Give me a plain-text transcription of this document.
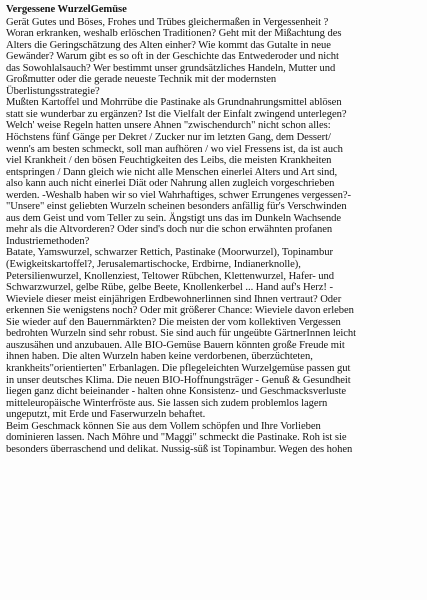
Vergessene WurzelGemüse
Gerät Gutes und Böses, Frohes und Trübes gleichermaßen in Vergessenheit ?
Woran erkranken, weshalb erlöschen Traditionen? Geht mit der Mißachtung des
Alters die Geringschätzung des Alten einher? Wie kommt das Gutalte in neue
Gewänder? Warum gibt es so oft in der Geschichte das Entwederoder und nicht
das Sowohlalsauch? Wer bestimmt unser grundsätzliches Handeln, Mutter und
Großmutter oder die gerade neueste Technik mit der modernsten
Überlistungsstrategie?
Mußten Kartoffel und Mohrrübe die Pastinake als Grundnahrungsmittel ablösen
statt sie wunderbar zu ergänzen? Ist die Vielfalt der Einfalt zwingend unterlegen?
Welch' weise Regeln hatten unsere Ahnen "zwischendurch" nicht schon alles:
Höchstens fünf Gänge per Dekret / Zucker nur im letzten Gang, dem Dessert/
wenn's am besten schmeckt, soll man aufhören / wo viel Fressens ist, da ist auch
viel Krankheit / den bösen Feuchtigkeiten des Leibs, die meisten Krankheiten
entspringen / Dann gleich wie nicht alle Menschen einerlei Alters und Art sind,
also kann auch nicht einerlei Diät oder Nahrung allen zugleich vorgeschrieben
werden. -Weshalb haben wir so viel Wahrhaftiges, schwer Errungenes vergessen?-
"Unsere" einst geliebten Wurzeln scheinen besonders anfällig für's Verschwinden
aus dem Geist und vom Teller zu sein. Ängstigt uns das im Dunkeln Wachsende
mehr als die Altvorderen? Oder sind's doch nur die schon erwähnten profanen
Industriemethoden?
Batate, Yamswurzel, schwarzer Rettich, Pastinake (Moorwurzel), Topinambur
(Ewigkeitskartoffel?, Jerusalemartischocke, Erdbirne, Indianerknolle),
Petersilienwurzel, Knollenziest, Teltower Rübchen, Klettenwurzel, Hafer- und
Schwarzwurzel, gelbe Rübe, gelbe Beete, Knollenkerbel ... Hand auf's Herz! -
Wieviele dieser meist einjährigen Erdbewohnerlinnen sind Ihnen vertraut? Oder
erkennen Sie wenigstens noch? Oder mit größerer Chance: Wieviele davon erleben
Sie wieder auf den Bauernmärkten? Die meisten der vom kollektiven Vergessen
bedrohten Wurzeln sind sehr robust. Sie sind auch für ungeübte GärtnerInnen leicht
auszusähen und anzubauen. Alle BIO-Gemüse Bauern könnten große Freude mit
ihnen haben. Die alten Wurzeln haben keine verdorbenen, überzüchteten,
krankheits"orientierten" Erbanlagen. Die pflegeleichten Wurzelgemüse passen gut
in unser deutsches Klima. Die neuen BIO-Hoffnungsträger - Genuß & Gesundheit
liegen ganz dicht beieinander - halten ohne Konsistenz- und Geschmacksverluste
mitteleuropäische Winterfröste aus. Sie lassen sich zudem problemlos lagern
ungeputzt, mit Erde und Faserwurzeln behaftet.
Beim Geschmack können Sie aus dem Vollem schöpfen und Ihre Vorlieben
dominieren lassen. Nach Möhre und "Maggi" schmeckt die Pastinake. Roh ist sie
besonders überraschend und delikat. Nussig-süß ist Topinambur. Wegen des hohen
